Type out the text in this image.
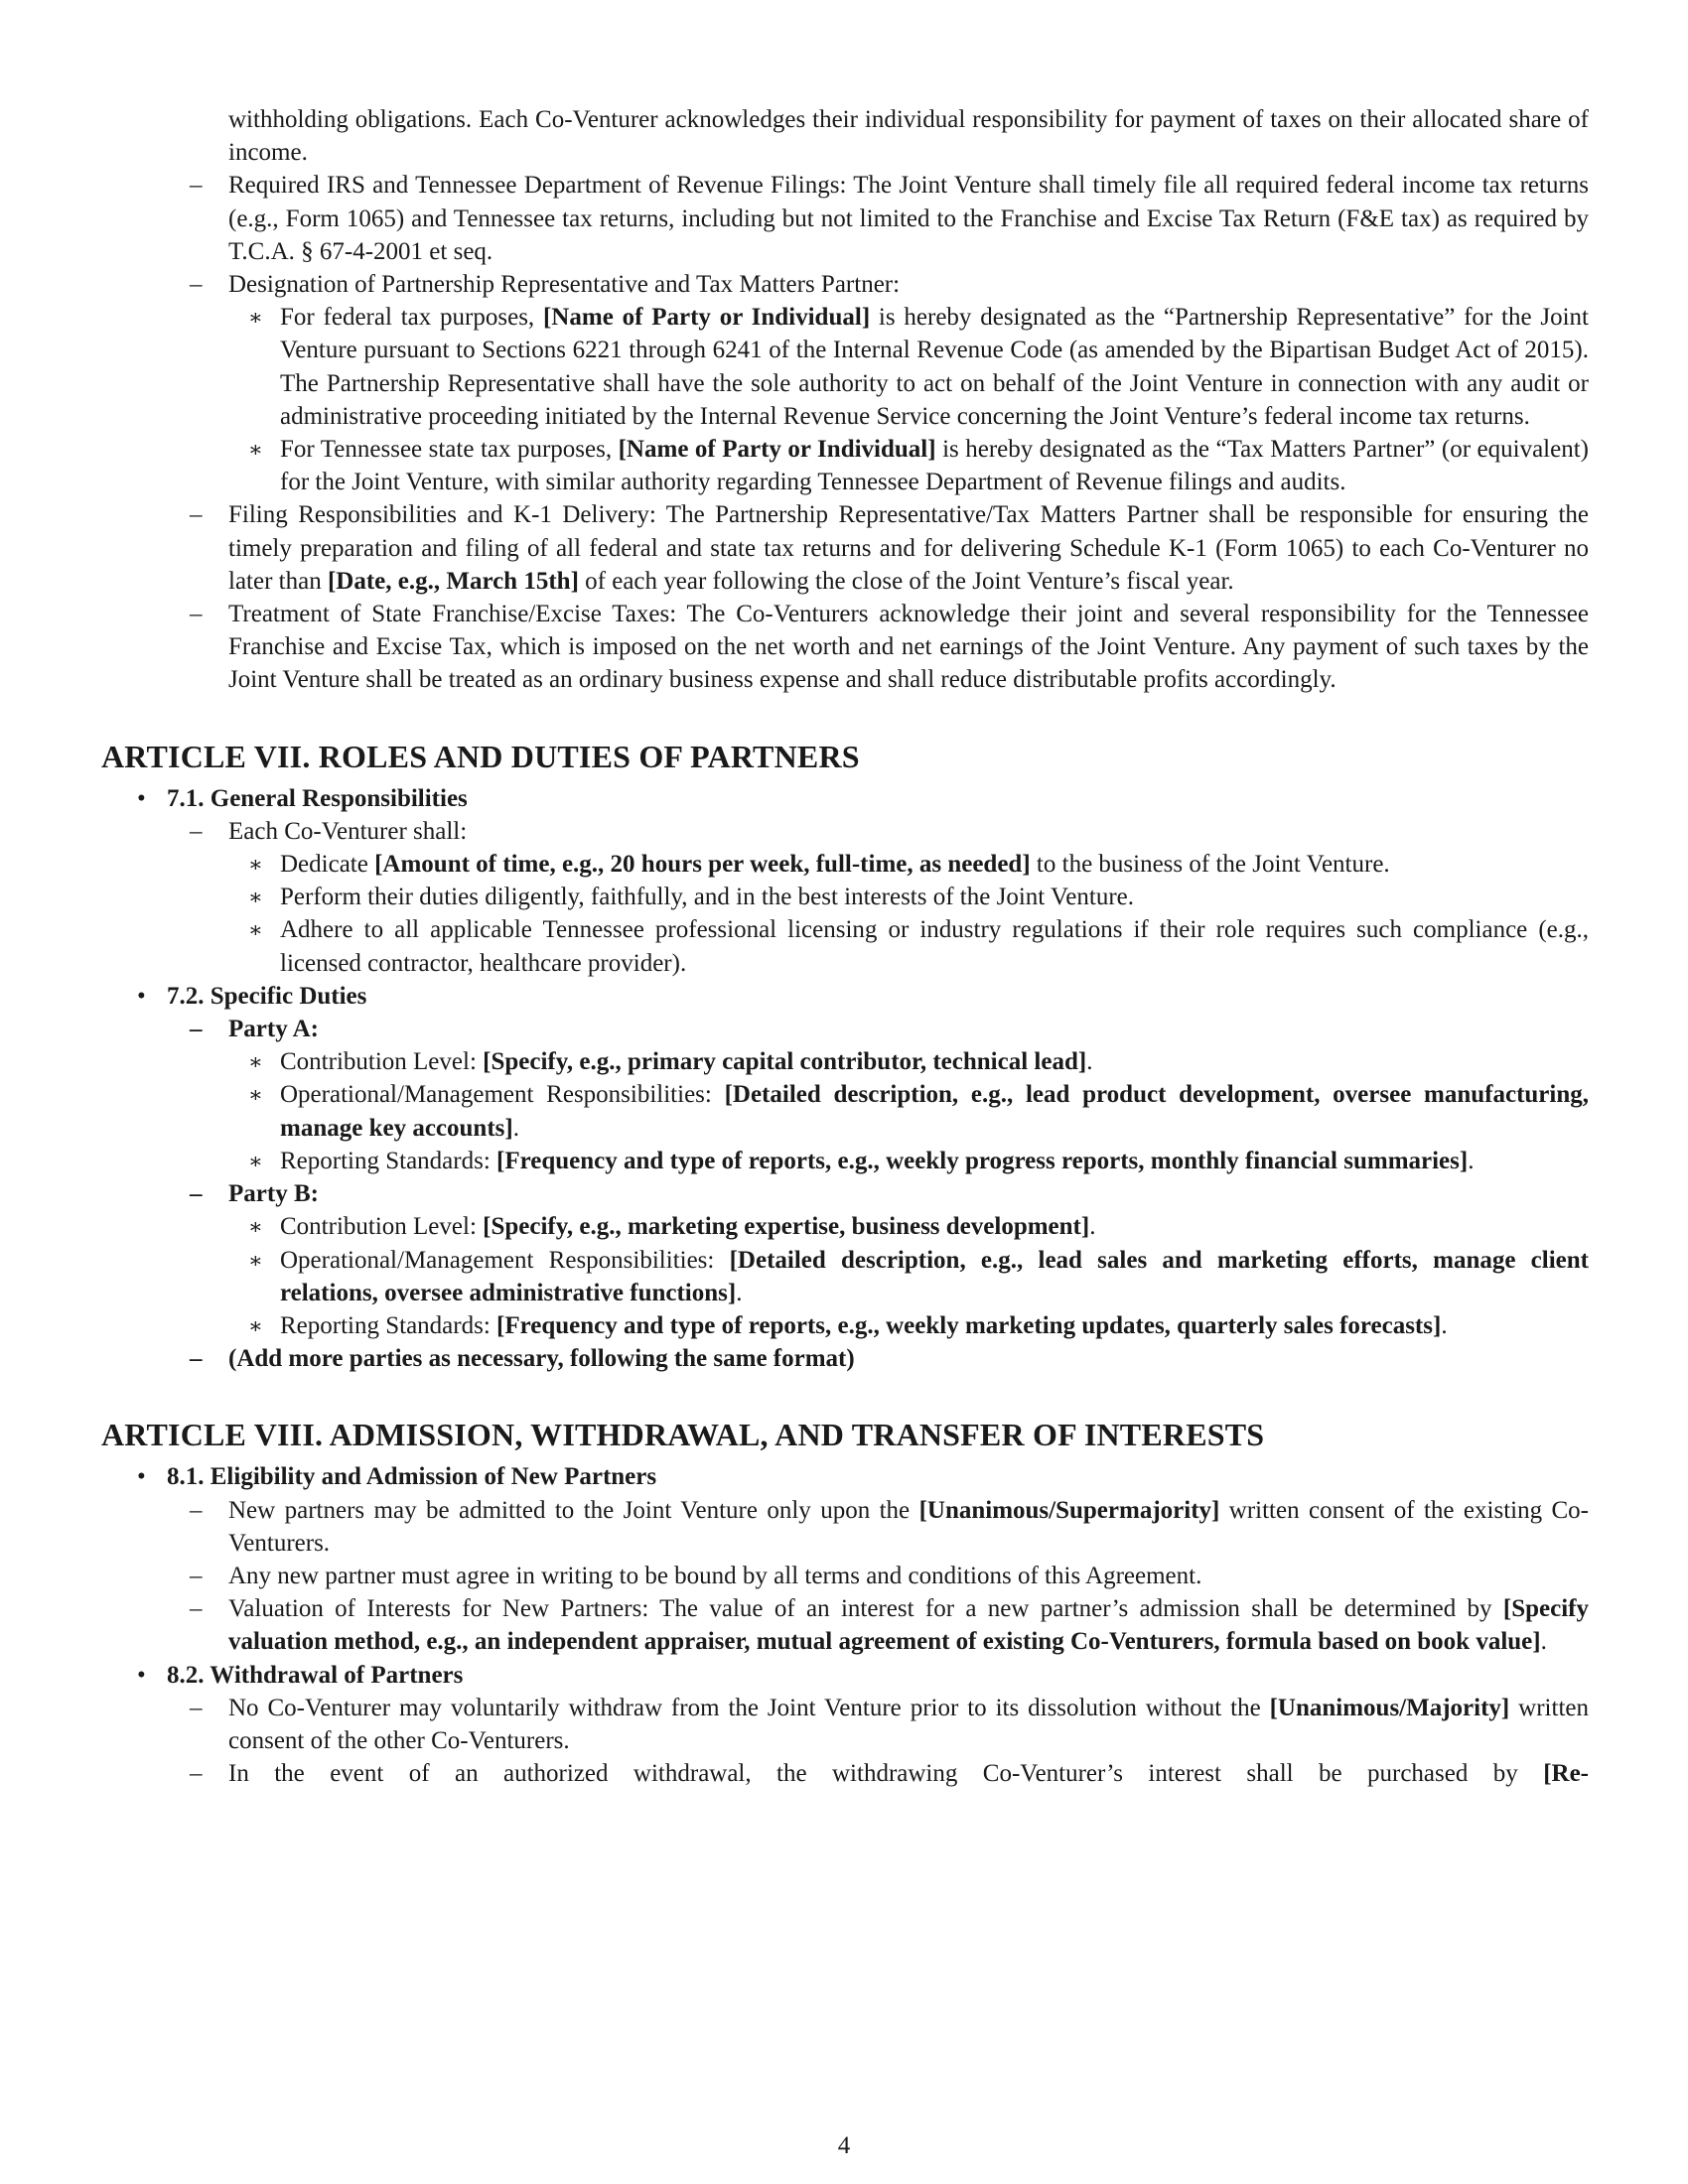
withholding obligations. Each Co-Venturer acknowledges their individual responsibility for payment of taxes on their allocated share of income.
– Required IRS and Tennessee Department of Revenue Filings: The Joint Venture shall timely file all required federal income tax returns (e.g., Form 1065) and Tennessee tax returns, including but not limited to the Franchise and Excise Tax Return (F&E tax) as required by T.C.A. § 67-4-2001 et seq.
– Designation of Partnership Representative and Tax Matters Partner:
∗ For federal tax purposes, [Name of Party or Individual] is hereby designated as the “Partnership Representative” for the Joint Venture pursuant to Sections 6221 through 6241 of the Internal Revenue Code (as amended by the Bipartisan Budget Act of 2015). The Partnership Representative shall have the sole authority to act on behalf of the Joint Venture in connection with any audit or administrative proceeding initiated by the Internal Revenue Service concerning the Joint Venture’s federal income tax returns.
∗ For Tennessee state tax purposes, [Name of Party or Individual] is hereby designated as the “Tax Matters Partner” (or equivalent) for the Joint Venture, with similar authority regarding Tennessee Department of Revenue filings and audits.
– Filing Responsibilities and K-1 Delivery: The Partnership Representative/Tax Matters Partner shall be responsible for ensuring the timely preparation and filing of all federal and state tax returns and for delivering Schedule K-1 (Form 1065) to each Co-Venturer no later than [Date, e.g., March 15th] of each year following the close of the Joint Venture’s fiscal year.
– Treatment of State Franchise/Excise Taxes: The Co-Venturers acknowledge their joint and several responsibility for the Tennessee Franchise and Excise Tax, which is imposed on the net worth and net earnings of the Joint Venture. Any payment of such taxes by the Joint Venture shall be treated as an ordinary business expense and shall reduce distributable profits accordingly.
ARTICLE VII. ROLES AND DUTIES OF PARTNERS
• 7.1. General Responsibilities
– Each Co-Venturer shall:
∗ Dedicate [Amount of time, e.g., 20 hours per week, full-time, as needed] to the business of the Joint Venture.
∗ Perform their duties diligently, faithfully, and in the best interests of the Joint Venture.
∗ Adhere to all applicable Tennessee professional licensing or industry regulations if their role requires such compliance (e.g., licensed contractor, healthcare provider).
• 7.2. Specific Duties
– Party A:
∗ Contribution Level: [Specify, e.g., primary capital contributor, technical lead].
∗ Operational/Management Responsibilities: [Detailed description, e.g., lead product development, oversee manufacturing, manage key accounts].
∗ Reporting Standards: [Frequency and type of reports, e.g., weekly progress reports, monthly financial summaries].
– Party B:
∗ Contribution Level: [Specify, e.g., marketing expertise, business development].
∗ Operational/Management Responsibilities: [Detailed description, e.g., lead sales and marketing efforts, manage client relations, oversee administrative functions].
∗ Reporting Standards: [Frequency and type of reports, e.g., weekly marketing updates, quarterly sales forecasts].
– (Add more parties as necessary, following the same format)
ARTICLE VIII. ADMISSION, WITHDRAWAL, AND TRANSFER OF INTERESTS
• 8.1. Eligibility and Admission of New Partners
– New partners may be admitted to the Joint Venture only upon the [Unanimous/Supermajority] written consent of the existing Co-Venturers.
– Any new partner must agree in writing to be bound by all terms and conditions of this Agreement.
– Valuation of Interests for New Partners: The value of an interest for a new partner’s admission shall be determined by [Specify valuation method, e.g., an independent appraiser, mutual agreement of existing Co-Venturers, formula based on book value].
• 8.2. Withdrawal of Partners
– No Co-Venturer may voluntarily withdraw from the Joint Venture prior to its dissolution without the [Unanimous/Majority] written consent of the other Co-Venturers.
– In the event of an authorized withdrawal, the withdrawing Co-Venturer’s interest shall be purchased by [Re-
4
